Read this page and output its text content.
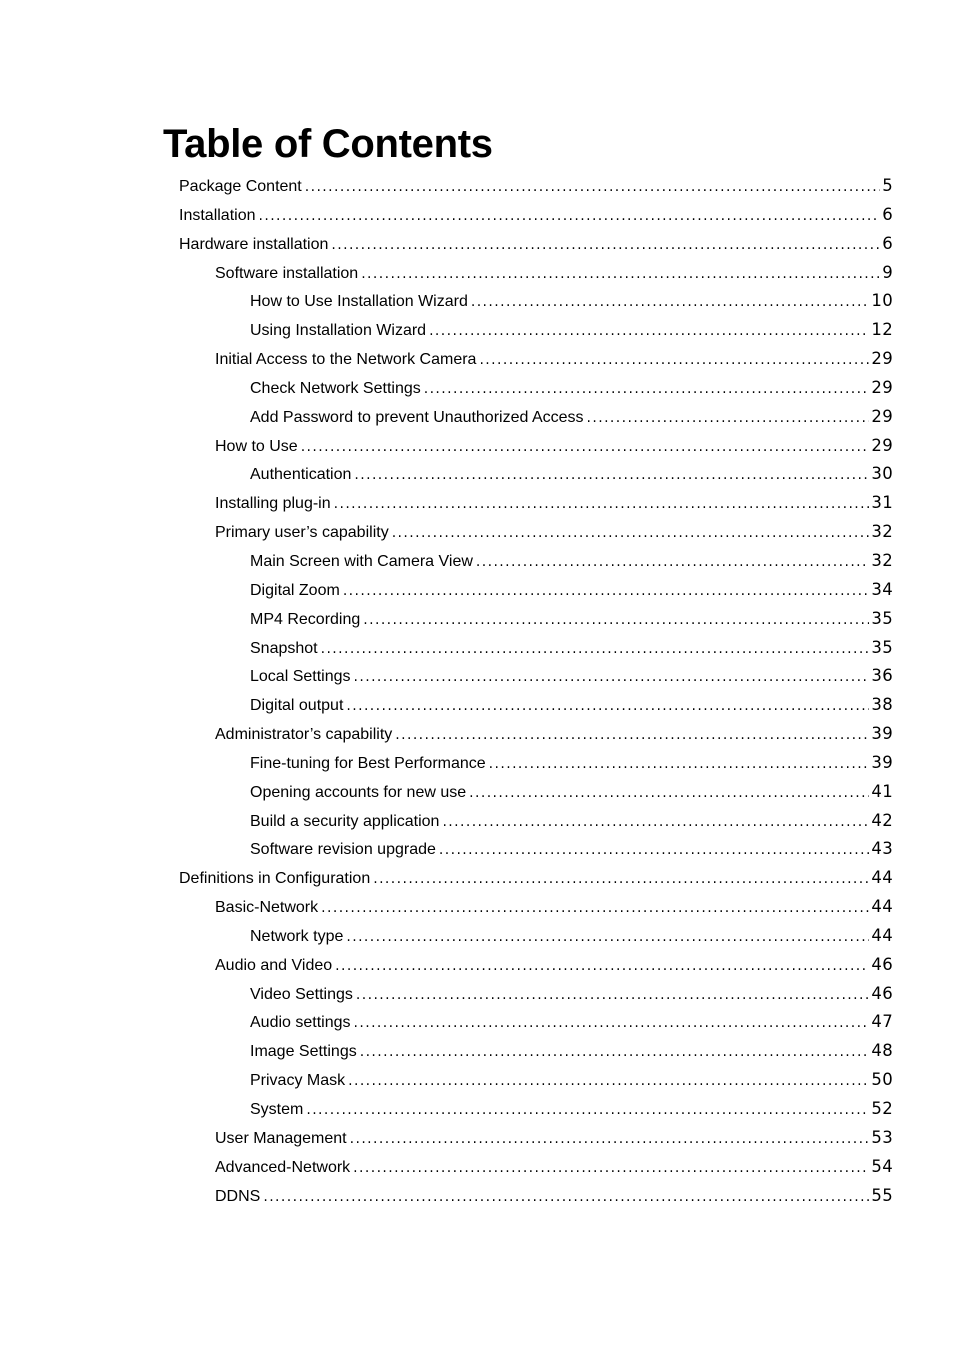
Table of Contents
Package Content .....	5
Installation .....	6
Hardware installation .....	6
Software installation .....	9
How to Use Installation Wizard .....	10
Using Installation Wizard .....	12
Initial Access to the Network Camera .....	29
Check Network Settings .....	29
Add Password to prevent Unauthorized Access .....	29
How to Use .....	29
Authentication .....	30
Installing plug-in .....	31
Primary user’s capability .....	32
Main Screen with Camera View .....	32
Digital Zoom .....	34
MP4 Recording .....	35
Snapshot .....	35
Local Settings .....	36
Digital output .....	38
Administrator’s capability .....	39
Fine-tuning for Best Performance .....	39
Opening accounts for new use .....	41
Build a security application .....	42
Software revision upgrade .....	43
Definitions in Configuration .....	44
Basic-Network .....	44
Network type .....	44
Audio and Video .....	46
Video Settings .....	46
Audio settings .....	47
Image Settings .....	48
Privacy Mask .....	50
System .....	52
User Management .....	53
Advanced-Network .....	54
DDNS .....	55
